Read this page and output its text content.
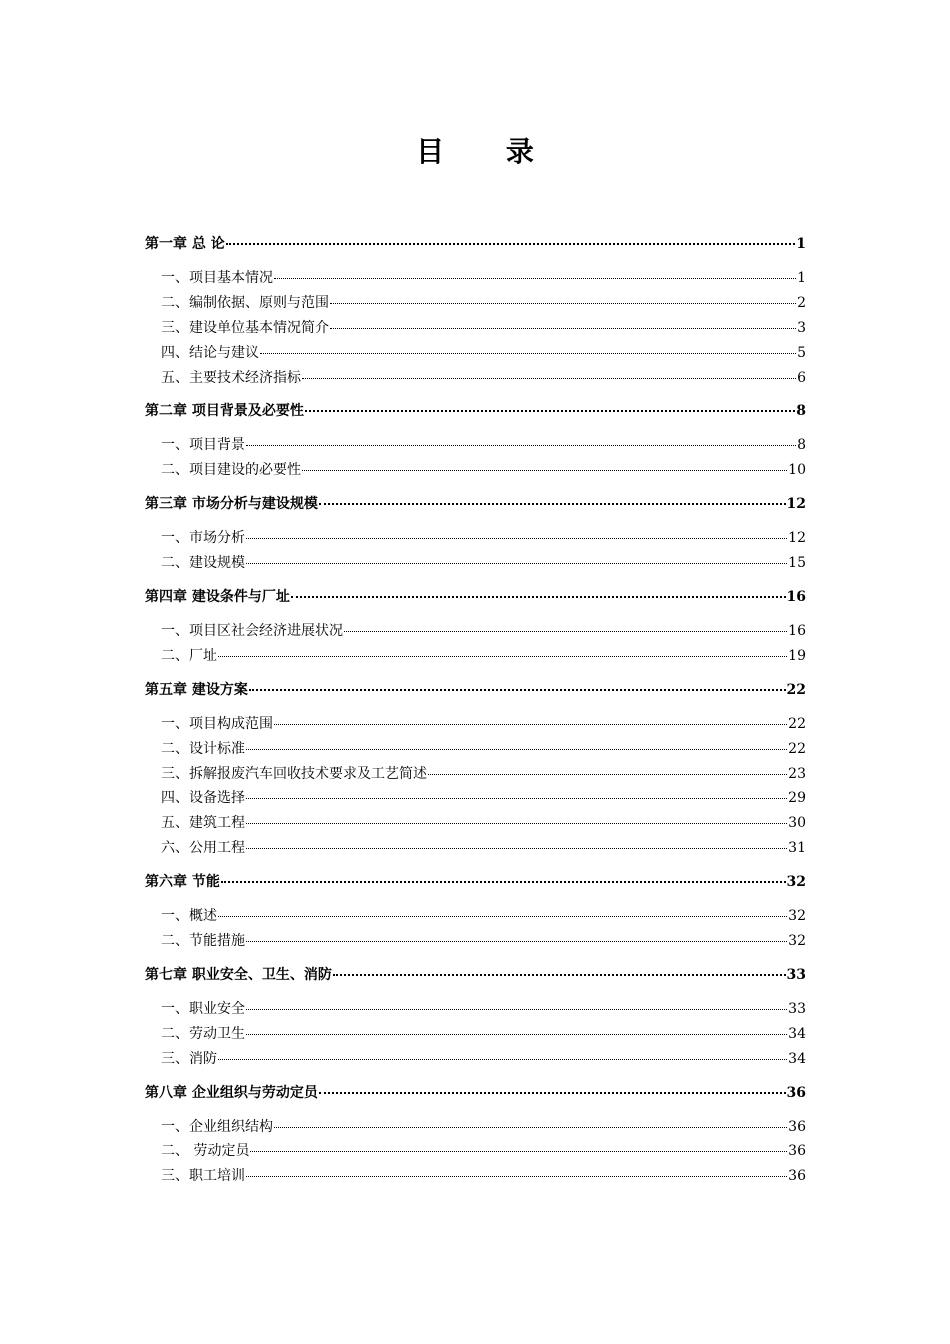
目 录
第一章 总 论	1
一、项目基本情况	1
二、编制依据、原则与范围	2
三、建设单位基本情况简介	3
四、结论与建议	5
五、主要技术经济指标	6
第二章 项目背景及必要性	8
一、项目背景	8
二、项目建设的必要性	10
第三章 市场分析与建设规模	12
一、市场分析	12
二、建设规模	15
第四章 建设条件与厂址	16
一、项目区社会经济进展状况	16
二、厂址	19
第五章 建设方案	22
一、项目构成范围	22
二、设计标准	22
三、拆解报废汽车回收技术要求及工艺简述	23
四、设备选择	29
五、建筑工程	30
六、公用工程	31
第六章 节能	32
一、概述	32
二、节能措施	32
第七章 职业安全、卫生、消防	33
一、职业安全	33
二、劳动卫生	34
三、消防	34
第八章 企业组织与劳动定员	36
一、企业组织结构	36
二、 劳动定员	36
三、职工培训	36
